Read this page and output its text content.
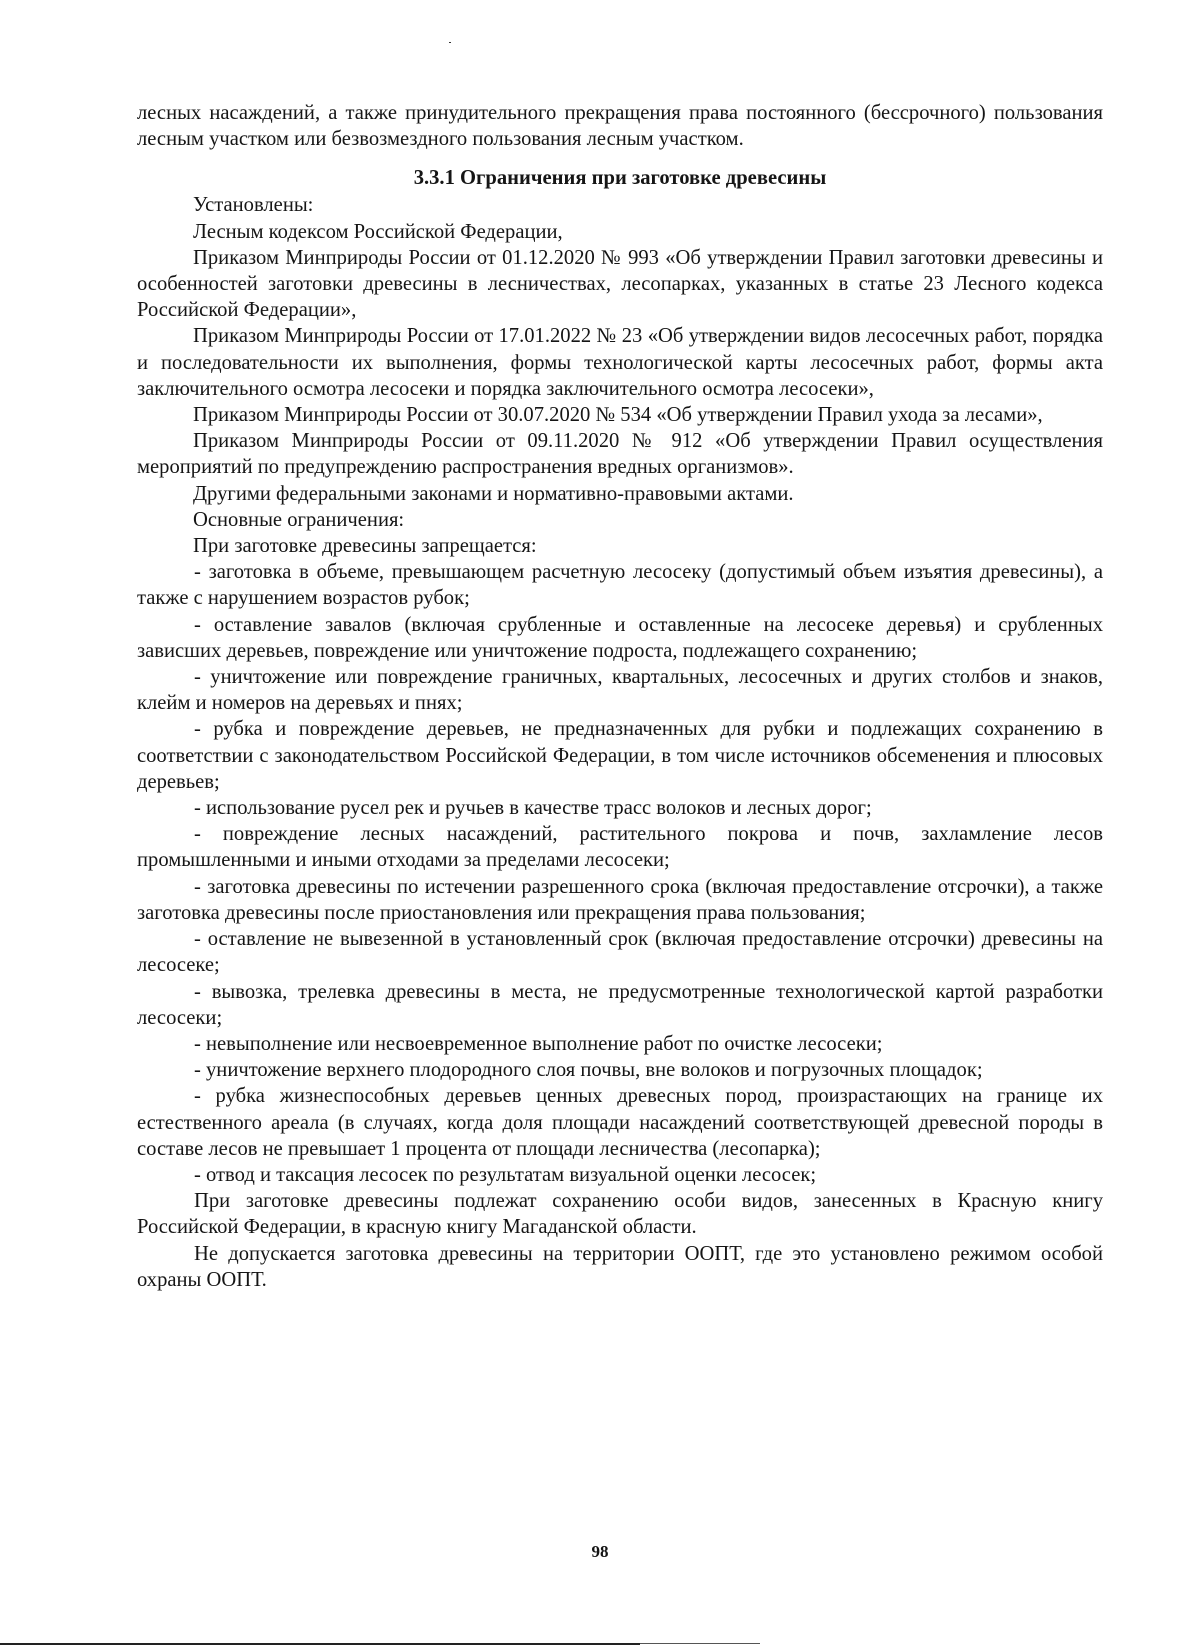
лесных насаждений, а также принудительного прекращения права постоянного (бессрочного) пользования лесным участком или безвозмездного пользования лесным участком.

3.3.1 Ограничения при заготовке древесины

Установлены:

Лесным кодексом Российской Федерации,

Приказом Минприроды России от 01.12.2020 № 993 «Об утверждении Правил заготовки древесины и особенностей заготовки древесины в лесничествах, лесопарках, указанных в статье 23 Лесного кодекса Российской Федерации»,

Приказом Минприроды России от 17.01.2022 № 23 «Об утверждении видов лесосечных работ, порядка и последовательности их выполнения, формы технологической карты лесосечных работ, формы акта заключительного осмотра лесосеки и порядка заключительного осмотра лесосеки»,

Приказом Минприроды России от 30.07.2020 № 534 «Об утверждении Правил ухода за лесами»,

Приказом Минприроды России от 09.11.2020 № 912 «Об утверждении Правил осуществления мероприятий по предупреждению распространения вредных организмов».

Другими федеральными законами и нормативно-правовыми актами.

Основные ограничения:

При заготовке древесины запрещается:

- заготовка в объеме, превышающем расчетную лесосеку (допустимый объем изъятия древесины), а также с нарушением возрастов рубок;

- оставление завалов (включая срубленные и оставленные на лесосеке деревья) и срубленных зависших деревьев, повреждение или уничтожение подроста, подлежащего сохранению;

- уничтожение или повреждение граничных, квартальных, лесосечных и других столбов и знаков, клейм и номеров на деревьях и пнях;

- рубка и повреждение деревьев, не предназначенных для рубки и подлежащих сохранению в соответствии с законодательством Российской Федерации, в том числе источников обсеменения и плюсовых деревьев;

- использование русел рек и ручьев в качестве трасс волоков и лесных дорог;

- повреждение лесных насаждений, растительного покрова и почв, захламление лесов промышленными и иными отходами за пределами лесосеки;

- заготовка древесины по истечении разрешенного срока (включая предоставление отсрочки), а также заготовка древесины после приостановления или прекращения права пользования;

- оставление не вывезенной в установленный срок (включая предоставление отсрочки) древесины на лесосеке;

- вывозка, трелевка древесины в места, не предусмотренные технологической картой разработки лесосеки;

- невыполнение или несвоевременное выполнение работ по очистке лесосеки;

- уничтожение верхнего плодородного слоя почвы, вне волоков и погрузочных площадок;

- рубка жизнеспособных деревьев ценных древесных пород, произрастающих на границе их естественного ареала (в случаях, когда доля площади насаждений соответствующей древесной породы в составе лесов не превышает 1 процента от площади лесничества (лесопарка);

- отвод и таксация лесосек по результатам визуальной оценки лесосек;

При заготовке древесины подлежат сохранению особи видов, занесенных в Красную книгу Российской Федерации, в красную книгу Магаданской области.

Не допускается заготовка древесины на территории ООПТ, где это установлено режимом особой охраны ООПТ.

98
